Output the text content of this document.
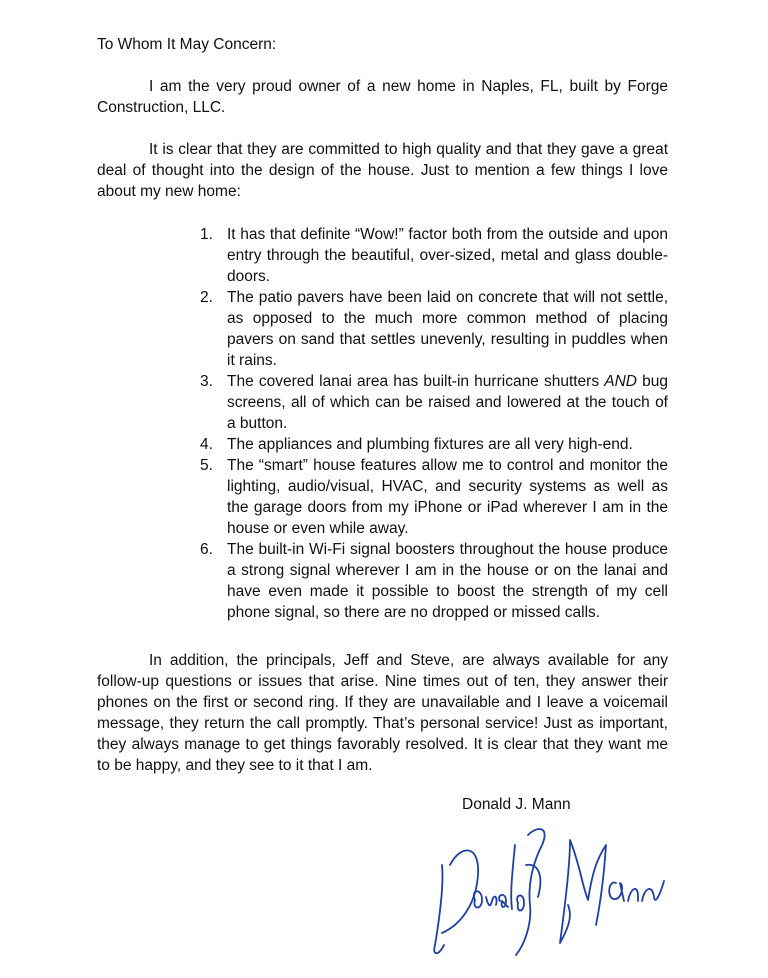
To Whom It May Concern:

I am the very proud owner of a new home in Naples, FL, built by Forge Construction, LLC.

It is clear that they are committed to high quality and that they gave a great deal of thought into the design of the house. Just to mention a few things I love about my new home:

1. It has that definite “Wow!” factor both from the outside and upon entry through the beautiful, over-sized, metal and glass double-doors.
2. The patio pavers have been laid on concrete that will not settle, as opposed to the much more common method of placing pavers on sand that settles unevenly, resulting in puddles when it rains.
3. The covered lanai area has built-in hurricane shutters AND bug screens, all of which can be raised and lowered at the touch of a button.
4. The appliances and plumbing fixtures are all very high-end.
5. The “smart” house features allow me to control and monitor the lighting, audio/visual, HVAC, and security systems as well as the garage doors from my iPhone or iPad wherever I am in the house or even while away.
6. The built-in Wi-Fi signal boosters throughout the house produce a strong signal wherever I am in the house or on the lanai and have even made it possible to boost the strength of my cell phone signal, so there are no dropped or missed calls.

In addition, the principals, Jeff and Steve, are always available for any follow-up questions or issues that arise. Nine times out of ten, they answer their phones on the first or second ring. If they are unavailable and I leave a voicemail message, they return the call promptly. That’s personal service! Just as important, they always manage to get things favorably resolved. It is clear that they want me to be happy, and they see to it that I am.

Donald J. Mann
